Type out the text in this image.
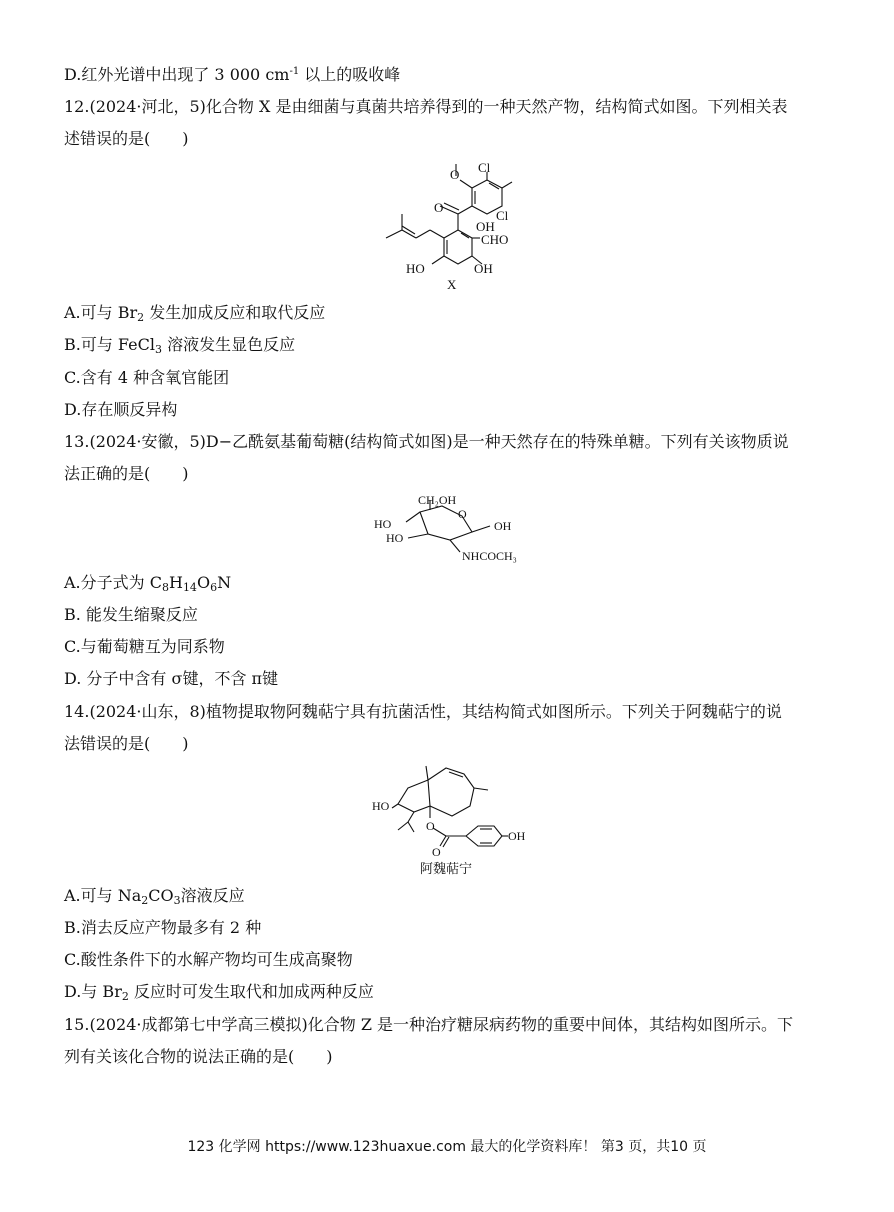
D.红外光谱中出现了 3 000 $cm^{-1}$ 以上的吸收峰
12.(2024·河北，5)化合物 X 是由细菌与真菌共培养得到的一种天然产物，结构简式如图。下列相关表
述错误的是(　　)
O
O
Cl
Cl
OH
CHO
HO	OH
X
A.可与 $Br_2$ 发生加成反应和取代反应
B.可与 FeCl$_3$ 溶液发生显色反应
C.含有 4 种含氧官能团
D.存在顺反异构
13.(2024·安徽，5)D−乙酰氨基葡萄糖(结构简式如图)是一种天然存在的特殊单糖。下列有关该物质说
法正确的是(　　)
CH₂OH
O
OH
HO
HO
NHCOCH₃
A.分子式为 $C_8H_{14}O_6N$
B. 能发生缩聚反应
C.与葡萄糖互为同系物
D. 分子中含有 σ键，不含 π键
14.(2024·山东，8)植物提取物阿魏萜宁具有抗菌活性，其结构简式如图所示。下列关于阿魏萜宁的说
法错误的是(　　)
HO
O
O
OH
阿魏萜宁
A.可与 $Na_2CO_3$溶液反应
B.消去反应产物最多有 2 种
C.酸性条件下的水解产物均可生成高聚物
D.与 $Br_2$ 反应时可发生取代和加成两种反应
15.(2024·成都第七中学高三模拟)化合物 Z 是一种治疗糖尿病药物的重要中间体，其结构如图所示。下
列有关该化合物的说法正确的是(　　)
123 化学网 https://www.123huaxue.com 最大的化学资料库！ 第3 页，共10 页
